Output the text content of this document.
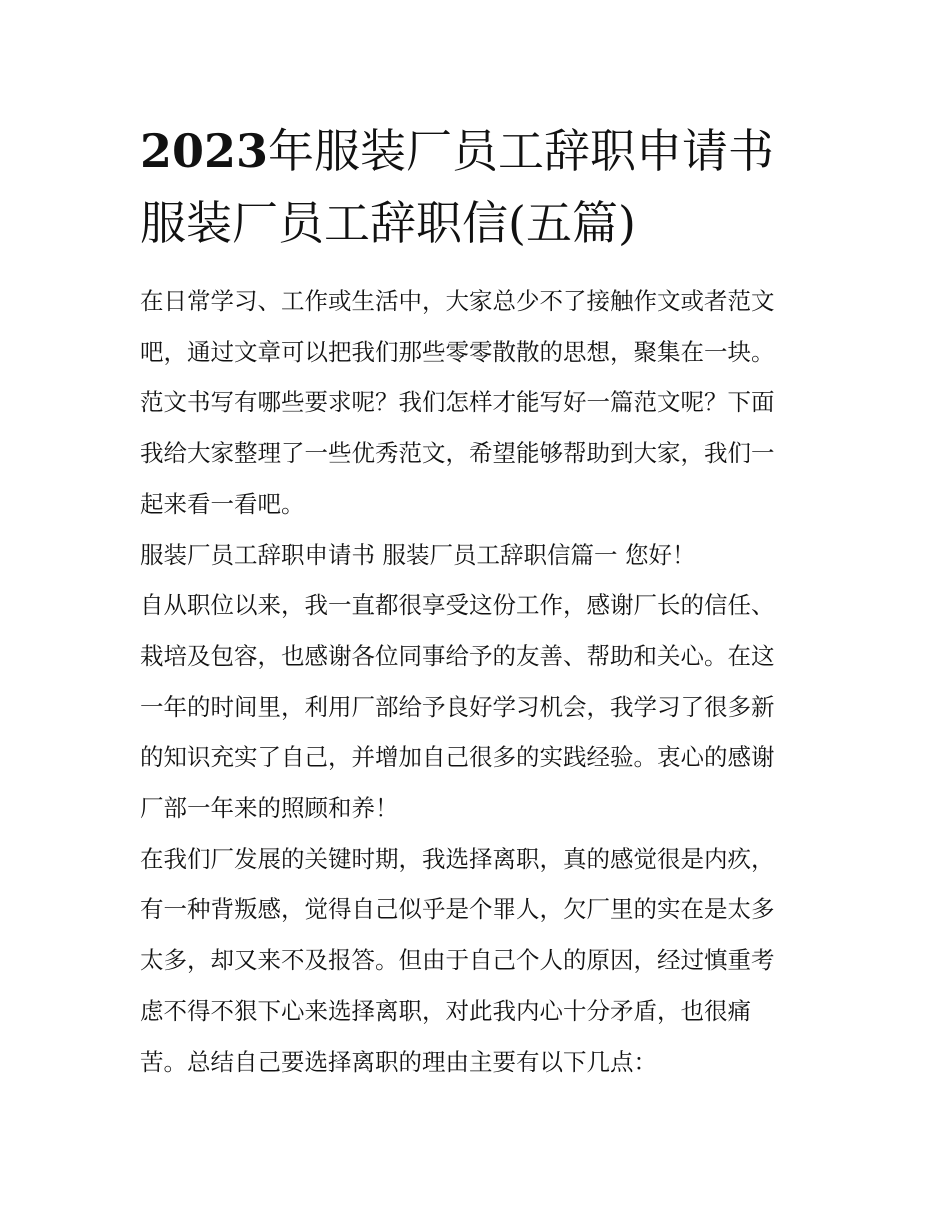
2023年服装厂员工辞职申请书
服装厂员工辞职信(五篇)
在日常学习、工作或生活中，大家总少不了接触作文或者范文
吧，通过文章可以把我们那些零零散散的思想，聚集在一块。
范文书写有哪些要求呢？我们怎样才能写好一篇范文呢？下面
我给大家整理了一些优秀范文，希望能够帮助到大家，我们一
起来看一看吧。
服装厂员工辞职申请书 服装厂员工辞职信篇一 您好！
自从职位以来，我一直都很享受这份工作，感谢厂长的信任、
栽培及包容，也感谢各位同事给予的友善、帮助和关心。在这
一年的时间里，利用厂部给予良好学习机会，我学习了很多新
的知识充实了自己，并增加自己很多的实践经验。衷心的感谢
厂部一年来的照顾和养！
在我们厂发展的关键时期，我选择离职，真的感觉很是内疚，
有一种背叛感，觉得自己似乎是个罪人，欠厂里的实在是太多
太多，却又来不及报答。但由于自己个人的原因，经过慎重考
虑不得不狠下心来选择离职，对此我内心十分矛盾，也很痛
苦。总结自己要选择离职的理由主要有以下几点：
